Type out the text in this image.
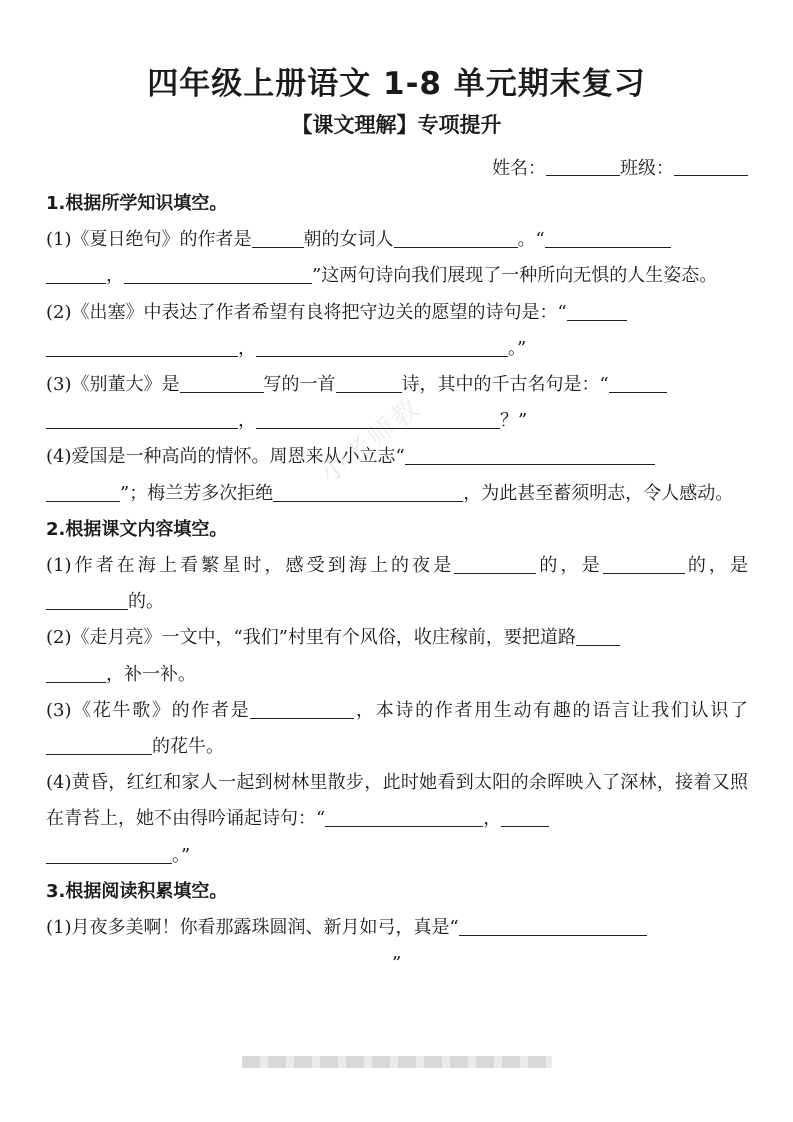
四年级上册语文 1-8 单元期末复习
【课文理解】专项提升
姓名：	班级：
小老师教
1.根据所学知识填空。
(1)《夏日绝句》的作者是	朝的女词人	。“
，	”这两句诗向我们展现了一种所向无惧的人生姿态。
(2)《出塞》中表达了作者希望有良将把守边关的愿望的诗句是：“
，	。”
(3)《别董大》是	写的一首	诗，其中的千古名句是：“
，	？”
(4)爱国是一种高尚的情怀。周恩来从小立志“
”；梅兰芳多次拒绝	，为此甚至蓄须明志，令人感动。
2.根据课文内容填空。
(1)作者在海上看繁星时，感受到海上的夜是	的，是	的，是的。
(2)《走月亮》一文中，“我们”村里有个风俗，收庄稼前，要把道路
，补一补。
(3)《花牛歌》的作者是	，本诗的作者用生动有趣的语言让我们认识了的花牛。
(4)黄昏，红红和家人一起到树林里散步，此时她看到太阳的余晖映入了深林，接着又照在青苔上，她不由得吟诵起诗句：“	，
。”
3.根据阅读积累填空。
(1)月夜多美啊！你看那露珠圆润、新月如弓，真是“
”
